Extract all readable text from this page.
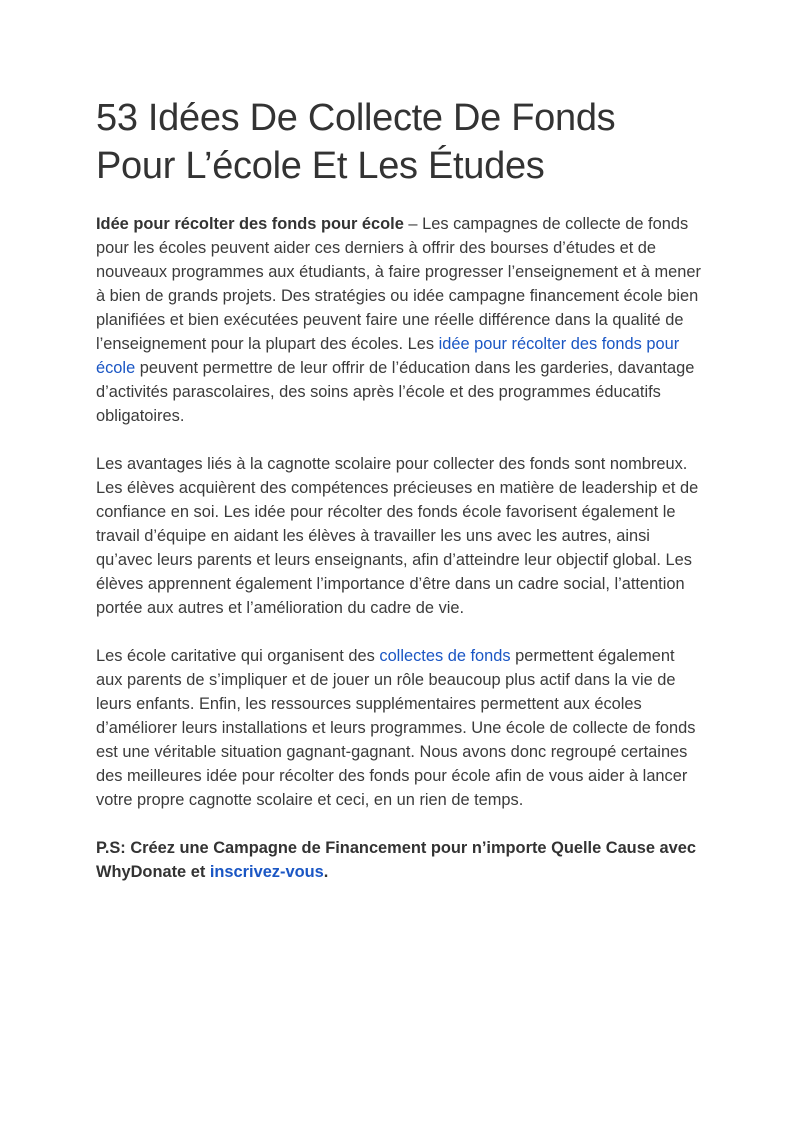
53 Idées De Collecte De Fonds Pour L’école Et Les Études

Idée pour récolter des fonds pour école – Les campagnes de collecte de fonds pour les écoles peuvent aider ces derniers à offrir des bourses d’études et de nouveaux programmes aux étudiants, à faire progresser l’enseignement et à mener à bien de grands projets. Des stratégies ou idée campagne financement école bien planifiées et bien exécutées peuvent faire une réelle différence dans la qualité de l’enseignement pour la plupart des écoles. Les idée pour récolter des fonds pour école peuvent permettre de leur offrir de l’éducation dans les garderies, davantage d’activités parascolaires, des soins après l’école et des programmes éducatifs obligatoires.

Les avantages liés à la cagnotte scolaire pour collecter des fonds sont nombreux. Les élèves acquièrent des compétences précieuses en matière de leadership et de confiance en soi. Les idée pour récolter des fonds école favorisent également le travail d’équipe en aidant les élèves à travailler les uns avec les autres, ainsi qu’avec leurs parents et leurs enseignants, afin d’atteindre leur objectif global. Les élèves apprennent également l’importance d’être dans un cadre social, l’attention portée aux autres et l’amélioration du cadre de vie.

Les école caritative qui organisent des collectes de fonds permettent également aux parents de s’impliquer et de jouer un rôle beaucoup plus actif dans la vie de leurs enfants. Enfin, les ressources supplémentaires permettent aux écoles d’améliorer leurs installations et leurs programmes. Une école de collecte de fonds est une véritable situation gagnant-gagnant. Nous avons donc regroupé certaines des meilleures idée pour récolter des fonds pour école afin de vous aider à lancer votre propre cagnotte scolaire et ceci, en un rien de temps.

P.S: Créez une Campagne de Financement pour n’importe Quelle Cause avec WhyDonate et inscrivez-vous.
